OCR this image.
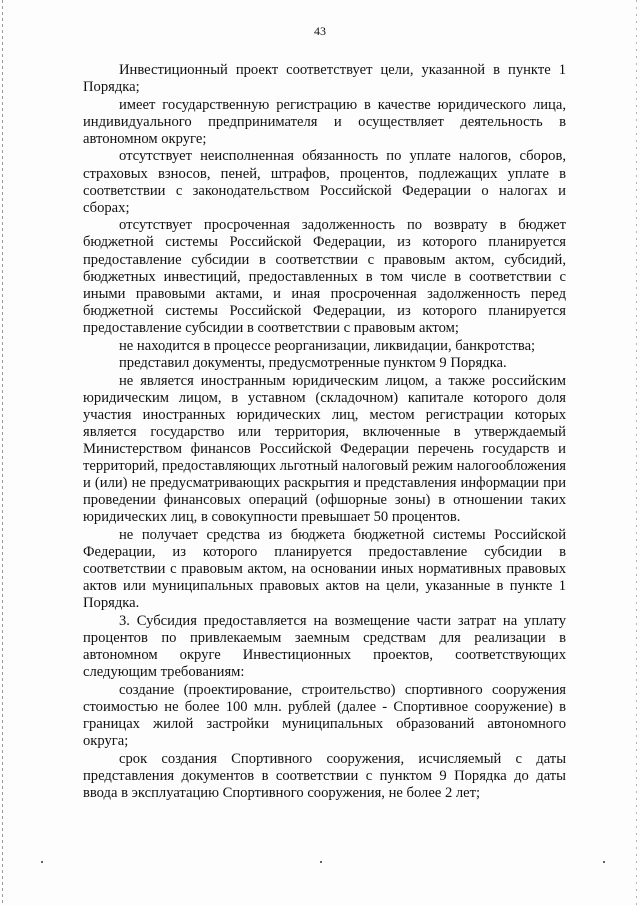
43

Инвестиционный проект соответствует цели, указанной в пункте 1 Порядка;

имеет государственную регистрацию в качестве юридического лица, индивидуального предпринимателя и осуществляет деятельность в автономном округе;

отсутствует неисполненная обязанность по уплате налогов, сборов, страховых взносов, пеней, штрафов, процентов, подлежащих уплате в соответствии с законодательством Российской Федерации о налогах и сборах;

отсутствует просроченная задолженность по возврату в бюджет бюджетной системы Российской Федерации, из которого планируется предоставление субсидии в соответствии с правовым актом, субсидий, бюджетных инвестиций, предоставленных в том числе в соответствии с иными правовыми актами, и иная просроченная задолженность перед бюджетной системы Российской Федерации, из которого планируется предоставление субсидии в соответствии с правовым актом;

не находится в процессе реорганизации, ликвидации, банкротства;

представил документы, предусмотренные пунктом 9 Порядка.

не является иностранным юридическим лицом, а также российским юридическим лицом, в уставном (складочном) капитале которого доля участия иностранных юридических лиц, местом регистрации которых является государство или территория, включенные в утверждаемый Министерством финансов Российской Федерации перечень государств и территорий, предоставляющих льготный налоговый режим налогообложения и (или) не предусматривающих раскрытия и представления информации при проведении финансовых операций (офшорные зоны) в отношении таких юридических лиц, в совокупности превышает 50 процентов.

не получает средства из бюджета бюджетной системы Российской Федерации, из которого планируется предоставление субсидии в соответствии с правовым актом, на основании иных нормативных правовых актов или муниципальных правовых актов на цели, указанные в пункте 1 Порядка.

3. Субсидия предоставляется на возмещение части затрат на уплату процентов по привлекаемым заемным средствам для реализации в автономном округе Инвестиционных проектов, соответствующих следующим требованиям:

создание (проектирование, строительство) спортивного сооружения стоимостью не более 100 млн. рублей (далее - Спортивное сооружение) в границах жилой застройки муниципальных образований автономного округа;

срок создания Спортивного сооружения, исчисляемый с даты представления документов в соответствии с пунктом 9 Порядка до даты ввода в эксплуатацию Спортивного сооружения, не более 2 лет;
